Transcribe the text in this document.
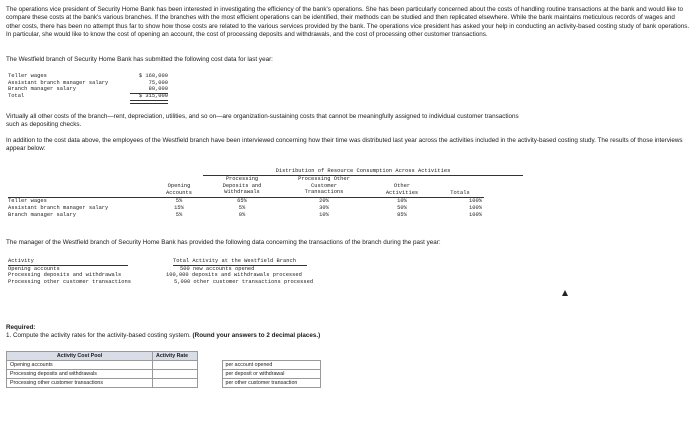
The operations vice president of Security Home Bank has been interested in investigating the efficiency of the bank's operations. She has been particularly concerned about the costs of handling routine transactions at the bank and would like to compare these costs at the bank's various branches. If the branches with the most efficient operations can be identified, their methods can be studied and then replicated elsewhere. While the bank maintains meticulous records of wages and other costs, there has been no attempt thus far to show how those costs are related to the various services provided by the bank. The operations vice president has asked your help in conducting an activity-based costing study of bank operations. In particular, she would like to know the cost of opening an account, the cost of processing deposits and withdrawals, and the cost of processing other customer transactions.

The Westfield branch of Security Home Bank has submitted the following cost data for last year:

Teller wages	$ 160,000
Assistant branch manager salary	75,000
Branch manager salary	80,000
Total	$ 315,000

Virtually all other costs of the branch—rent, depreciation, utilities, and so on—are organization-sustaining costs that cannot be meaningfully assigned to individual customer transactions such as depositing checks.

In addition to the cost data above, the employees of the Westfield branch have been interviewed concerning how their time was distributed last year across the activities included in the activity-based costing study. The results of those interviews appear below:

Distribution of Resource Consumption Across Activities
Opening
Accounts
Processing
Deposits and
Withdrawals
Processing Other
Customer
Transactions
Other
Activities	Totals
Teller wages	5%	65%	20%	10%	100%
Assistant branch manager salary	15%	5%	30%	50%	100%
Branch manager salary	5%	0%	10%	85%	100%

The manager of the Westfield branch of Security Home Bank has provided the following data concerning the transactions of the branch during the past year:

Activity	Total Activity at the Westfield Branch
Opening accounts	500 new accounts opened
Processing deposits and withdrawals	100,000 deposits and withdrawals processed
Processing other customer transactions	5,000 other customer transactions processed

Required:

1. Compute the activity rates for the activity-based costing system. (Round your answers to 2 decimal places.)

Activity Cost Pool	Activity Rate		
Opening accounts			per account opened
Processing deposits and withdrawals			per deposit or withdrawal
Processing other customer transactions			per other customer transaction
